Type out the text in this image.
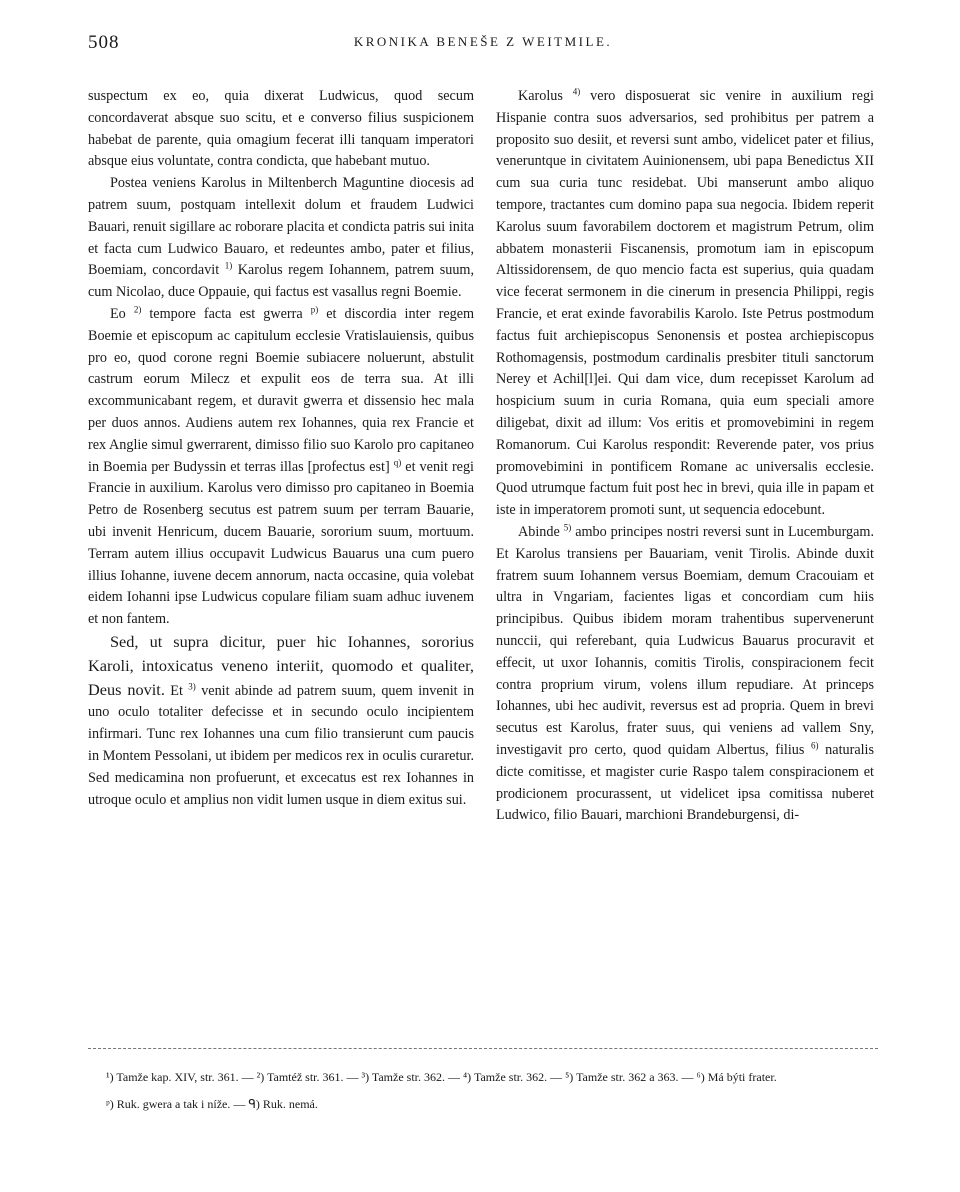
508	KRONIKA BENEŠE Z WEITMILE.

suspectum ex eo, quia dixerat Ludwicus, quod secum concordaverat absque suo scitu, et e converso filius suspicionem habebat de parente, quia omagium fecerat illi tanquam imperatori absque eius voluntate, contra condicta, que habebant mutuo.

Postea veniens Karolus in Miltenberch Maguntine diocesis ad patrem suum, postquam intellexit dolum et fraudem Ludwici Bauari, renuit sigillare ac roborare placita et condicta patris sui inita et facta cum Ludwico Bauaro, et redeuntes ambo, pater et filius, Boemiam, concordavit $^{1)}$ Karolus regem Iohannem, patrem suum, cum Nicolao, duce Oppauie, qui factus est vasallus regni Boemie.

Eo $^{2)}$ tempore facta est gwerra $^{p)}$ et discordia inter regem Boemie et episcopum ac capitulum ecclesie Vratislauiensis, quibus pro eo, quod corone regni Boemie subiacere noluerunt, abstulit castrum eorum Milecz et expulit eos de terra sua. At illi excommunicabant regem, et duravit gwerra et dissensio hec mala per duos annos. Audiens autem rex Iohannes, quia rex Francie et rex Anglie simul gwerrarent, dimisso filio suo Karolo pro capitaneo in Boemia per Budyssin et terras illas [profectus est] $^{q)}$ et venit regi Francie in auxilium. Karolus vero dimisso pro capitaneo in Boemia Petro de Rosenberg secutus est patrem suum per terram Bauarie, ubi invenit Henricum, ducem Bauarie, sororium suum, mortuum. Terram autem illius occupavit Ludwicus Bauarus una cum puero illius Iohanne, iuvene decem annorum, nacta occasine, quia volebat eidem Iohanni ipse Ludwicus copulare filiam suam adhuc iuvenem et non fantem.

Sed, ut supra dicitur, puer hic Iohannes, sororius Karoli, intoxicatus veneno interiit, quomodo et qualiter, Deus novit. Et $^{3)}$ venit abinde ad patrem suum, quem invenit in uno oculo totaliter defecisse et in secundo oculo incipientem infirmari. Tunc rex Iohannes una cum filio transierunt cum paucis in Montem Pessolani, ut ibidem per medicos rex in oculis curaretur. Sed medicamina non profuerunt, et excecatus est rex Iohannes in utroque oculo et amplius non vidit lumen usque in diem exitus sui.

Karolus $^{4)}$ vero disposuerat sic venire in auxilium regi Hispanie contra suos adversarios, sed prohibitus per patrem a proposito suo desiit, et reversi sunt ambo, videlicet pater et filius, veneruntque in civitatem Auinionensem, ubi papa Benedictus XII cum sua curia tunc residebat. Ubi manserunt ambo aliquo tempore, tractantes cum domino papa sua negocia. Ibidem reperit Karolus suum favorabilem doctorem et magistrum Petrum, olim abbatem monasterii Fiscanensis, promotum iam in episcopum Altissidorensem, de quo mencio facta est superius, quia quadam vice fecerat sermonem in die cinerum in presencia Philippi, regis Francie, et erat exinde favorabilis Karolo. Iste Petrus postmodum factus fuit archiepiscopus Senonensis et postea archiepiscopus Rothomagensis, postmodum cardinalis presbiter tituli sanctorum Nerey et Achil[l]ei. Qui dam vice, dum recepisset Karolum ad hospicium suum in curia Romana, quia eum speciali amore diligebat, dixit ad illum: Vos eritis et promovebimini in regem Romanorum. Cui Karolus respondit: Reverende pater, vos prius promovebimini in pontificem Romane ac universalis ecclesie. Quod utrumque factum fuit post hec in brevi, quia ille in papam et iste in imperatorem promoti sunt, ut sequencia edocebunt.

Abinde $^{5)}$ ambo principes nostri reversi sunt in Lucemburgam. Et Karolus transiens per Bauariam, venit Tirolis. Abinde duxit fratrem suum Iohannem versus Boemiam, demum Cracouiam et ultra in Vngariam, facientes ligas et concordiam cum hiis principibus. Quibus ibidem moram trahentibus supervenerunt nunccii, qui referebant, quia Ludwicus Bauarus procuravit et effecit, ut uxor Iohannis, comitis Tirolis, conspiracionem fecit contra proprium virum, volens illum repudiare. At princeps Iohannes, ubi hec audivit, reversus est ad propria. Quem in brevi secutus est Karolus, frater suus, qui veniens ad vallem Sny, investigavit pro certo, quod quidam Albertus, filius $^{6)}$ naturalis dicte comitisse, et magister curie Raspo talem conspiracionem et prodicionem procurassent, ut videlicet ipsa comitissa nuberet Ludwico, filio Bauari, marchioni Brandeburgensi, di-

¹) Tamže kap. XIV, str. 361. — ²) Tamtéž str. 361. — ³) Tamže str. 362. — ⁴) Tamže str. 362. — ⁵) Tamže str. 362 a 363. — ⁶) Má býti frater.

ᵖ) Ruk. gwera a tak i níže. — ᑫ) Ruk. nemá.
